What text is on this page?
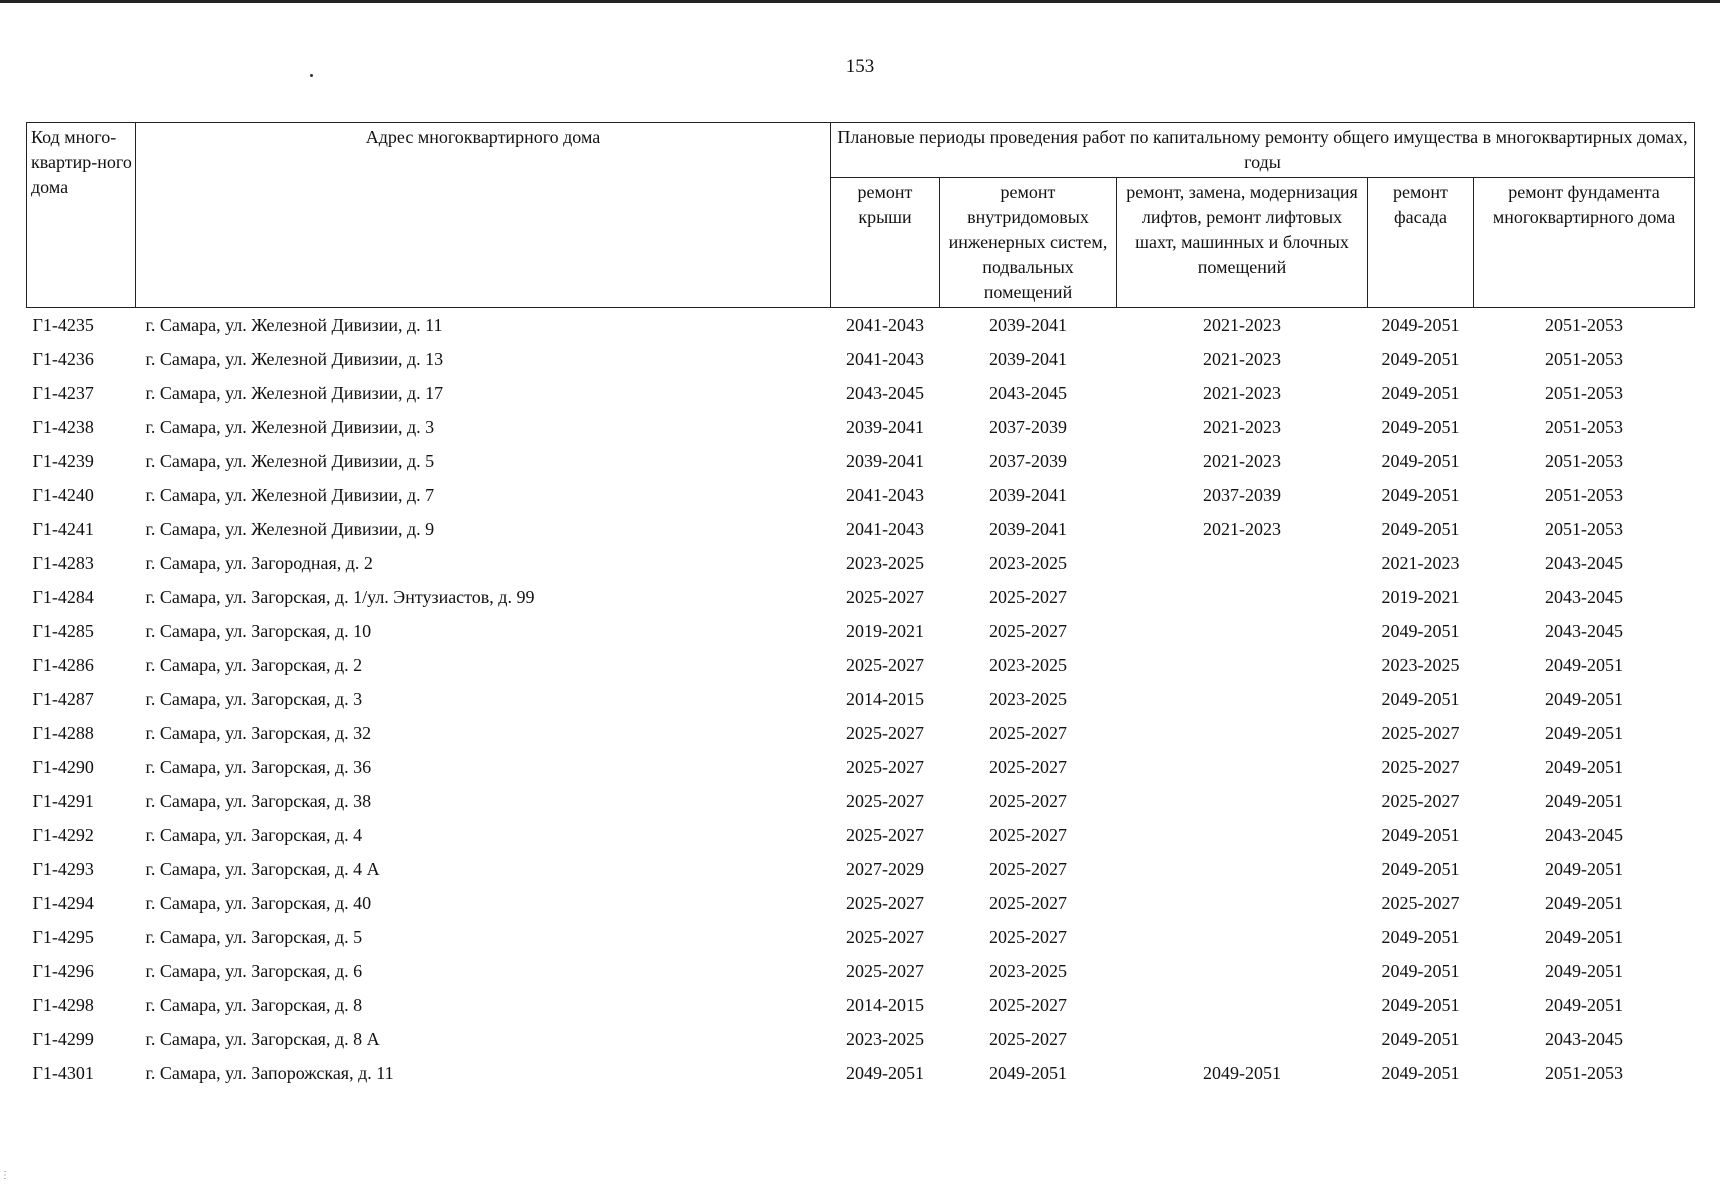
153
Код много-квартир-ного дома	Адрес многоквартирного дома	Плановые периоды проведения работ по капитальному ремонту общего имущества в многоквартирных домах, годы				
		ремонт крыши	ремонт внутридомовых инженерных систем, подвальных помещений	ремонт, замена, модернизация лифтов, ремонт лифтовых шахт, машинных и блочных помещений	ремонт фасада	ремонт фундамента многоквартирного дома
Г1-4235	г. Самара, ул. Железной Дивизии, д. 11	2041-2043	2039-2041	2021-2023	2049-2051	2051-2053
Г1-4236	г. Самара, ул. Железной Дивизии, д. 13	2041-2043	2039-2041	2021-2023	2049-2051	2051-2053
Г1-4237	г. Самара, ул. Железной Дивизии, д. 17	2043-2045	2043-2045	2021-2023	2049-2051	2051-2053
Г1-4238	г. Самара, ул. Железной Дивизии, д. 3	2039-2041	2037-2039	2021-2023	2049-2051	2051-2053
Г1-4239	г. Самара, ул. Железной Дивизии, д. 5	2039-2041	2037-2039	2021-2023	2049-2051	2051-2053
Г1-4240	г. Самара, ул. Железной Дивизии, д. 7	2041-2043	2039-2041	2037-2039	2049-2051	2051-2053
Г1-4241	г. Самара, ул. Железной Дивизии, д. 9	2041-2043	2039-2041	2021-2023	2049-2051	2051-2053
Г1-4283	г. Самара, ул. Загородная, д. 2	2023-2025	2023-2025		2021-2023	2043-2045
Г1-4284	г. Самара, ул. Загорская, д. 1/ул. Энтузиастов, д. 99	2025-2027	2025-2027		2019-2021	2043-2045
Г1-4285	г. Самара, ул. Загорская, д. 10	2019-2021	2025-2027		2049-2051	2043-2045
Г1-4286	г. Самара, ул. Загорская, д. 2	2025-2027	2023-2025		2023-2025	2049-2051
Г1-4287	г. Самара, ул. Загорская, д. 3	2014-2015	2023-2025		2049-2051	2049-2051
Г1-4288	г. Самара, ул. Загорская, д. 32	2025-2027	2025-2027		2025-2027	2049-2051
Г1-4290	г. Самара, ул. Загорская, д. 36	2025-2027	2025-2027		2025-2027	2049-2051
Г1-4291	г. Самара, ул. Загорская, д. 38	2025-2027	2025-2027		2025-2027	2049-2051
Г1-4292	г. Самара, ул. Загорская, д. 4	2025-2027	2025-2027		2049-2051	2043-2045
Г1-4293	г. Самара, ул. Загорская, д. 4 А	2027-2029	2025-2027		2049-2051	2049-2051
Г1-4294	г. Самара, ул. Загорская, д. 40	2025-2027	2025-2027		2025-2027	2049-2051
Г1-4295	г. Самара, ул. Загорская, д. 5	2025-2027	2025-2027		2049-2051	2049-2051
Г1-4296	г. Самара, ул. Загорская, д. 6	2025-2027	2023-2025		2049-2051	2049-2051
Г1-4298	г. Самара, ул. Загорская, д. 8	2014-2015	2025-2027		2049-2051	2049-2051
Г1-4299	г. Самара, ул. Загорская, д. 8 А	2023-2025	2025-2027		2049-2051	2043-2045
Г1-4301	г. Самара, ул. Запорожская, д. 11	2049-2051	2049-2051	2049-2051	2049-2051	2051-2053
⋮
